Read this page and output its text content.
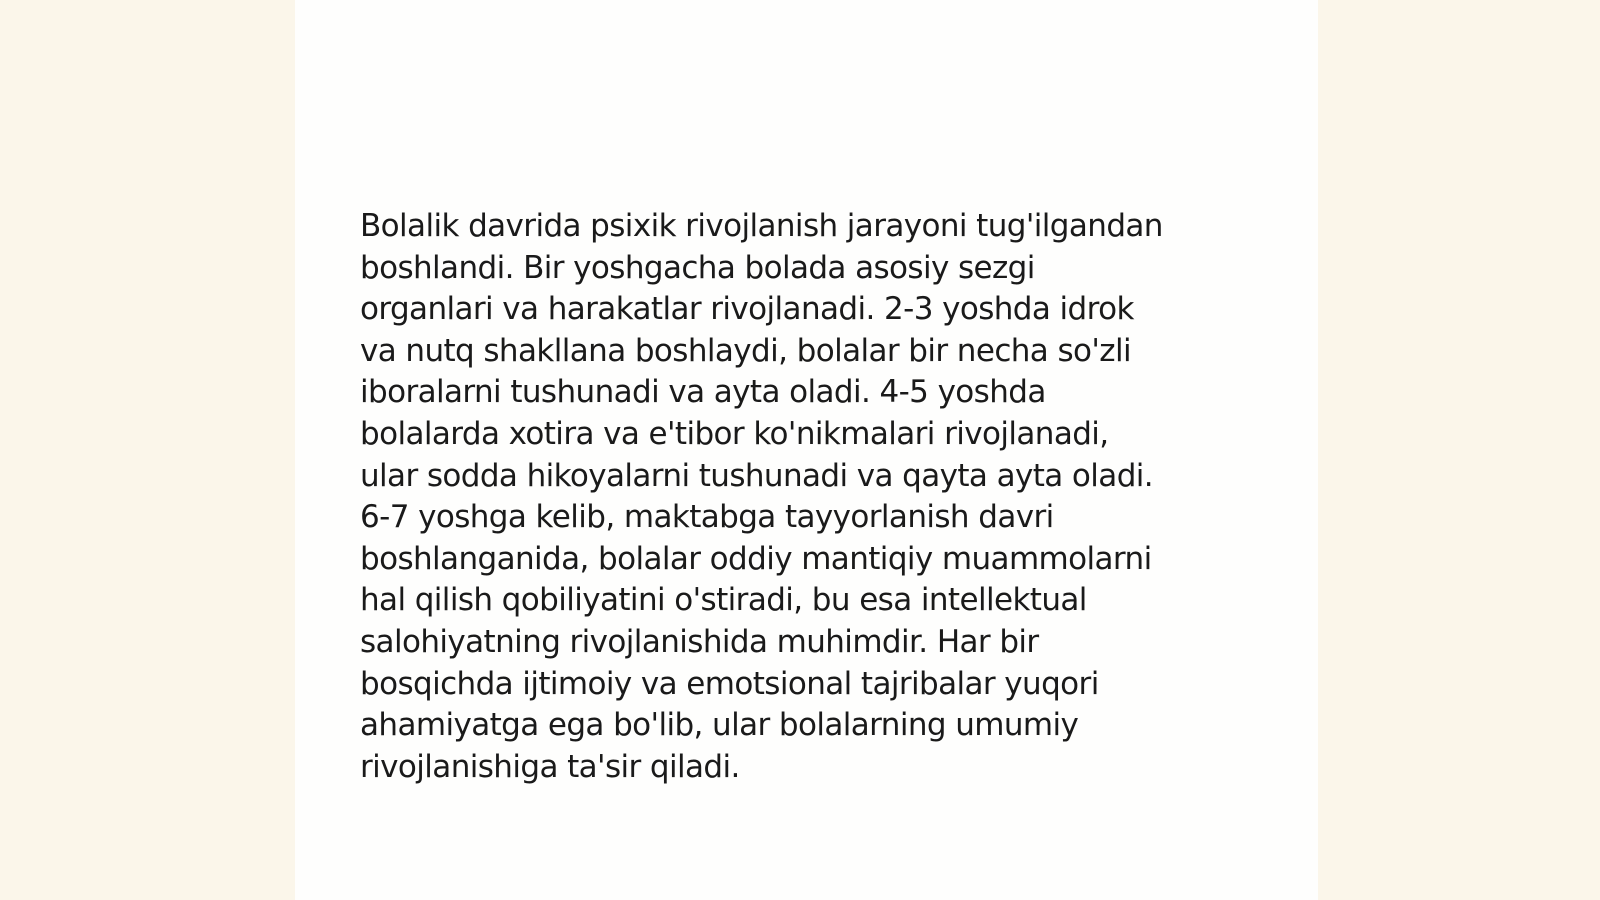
Bolalik davrida psixik rivojlanish jarayoni tug'ilgandan
boshlandi. Bir yoshgacha bolada asosiy sezgi
organlari va harakatlar rivojlanadi. 2-3 yoshda idrok
va nutq shakllana boshlaydi, bolalar bir necha so'zli
iboralarni tushunadi va ayta oladi. 4-5 yoshda
bolalarda xotira va e'tibor ko'nikmalari rivojlanadi,
ular sodda hikoyalarni tushunadi va qayta ayta oladi.
6-7 yoshga kelib, maktabga tayyorlanish davri
boshlanganida, bolalar oddiy mantiqiy muammolarni
hal qilish qobiliyatini o'stiradi, bu esa intellektual
salohiyatning rivojlanishida muhimdir. Har bir
bosqichda ijtimoiy va emotsional tajribalar yuqori
ahamiyatga ega bo'lib, ular bolalarning umumiy
rivojlanishiga ta'sir qiladi.
